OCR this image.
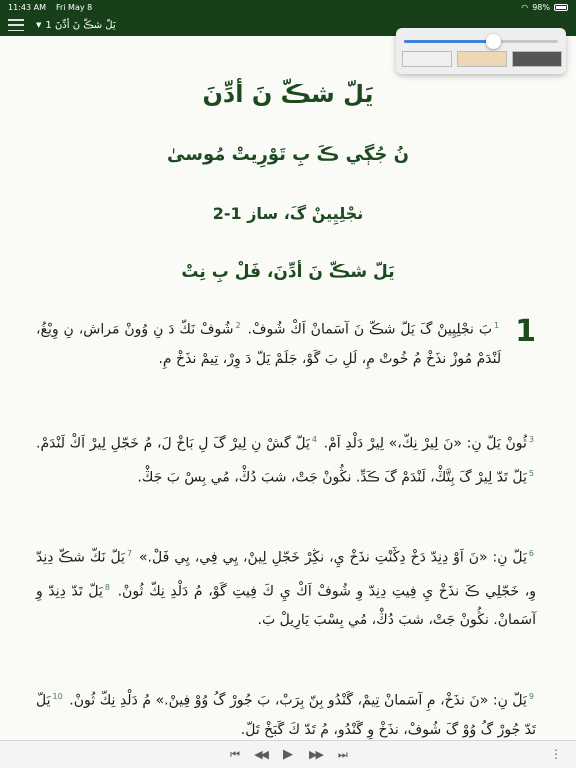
11:43 AM Fri May 8	◠ 98%
▼ 1 يَلّ شڪّ نَ أدِّنَ
يَلّ شڪّ نَ أدِّنَ
نُ جُڳي ڪَ بِ تَوْرِيتْ مُوسىٰ
نجْلِيِينْ گَ، ساز 1-2
يَلّ شڪّ نَ أدِّنَ، فَلْ بِ نِتْ
1
$^1$بَ نجْلِيِينْ گَ يَلّ شڪّ نَ آسَمانْ اَكْ شُوفْ. $^2$شُوفْ نَكّ دَ نِ وُونْ مَراش، نِ وِيْغُ، لَنْدَمْ مُوزْ نذَخْ مُ خُوتْ مِ، لَلِ بَ گَوْ، جَلَمْ يَلّ دَ وِرْ، تِيمْ نذَخْ مِ.
$^3$ثُونْ يَلّ نِ: «نَ لِيرْ نِكّ،» لِيرْ دَلْدِ اَمْ. $^4$يَلّ گشْ نِ لِيرْ گَ لِ بَاخْ لَ، مُ خَجّلِ لِيرْ اَكْ لَنْدَمْ. $^5$يَلّ تَدّ لِيرْ گَ بِتَّڭْ، لَنْدَمْ گَ ڪَدِّ. نڭُونْ جَتْ، شبَ دُڭْ، مُي بِسْ بَ جَڭْ.
$^6$يَلّ نِ: «نَ اَوْ دِنِدّ دَخْ دِڭَنْتِ نذَخْ يِ، نڭِرْ خَجّلِ لِينْ، يِي فِي، يِي فَلْ.» $^7$يَلّ نَكّ شڪّ دِنِدّ وِ، خَجّلِي ڪَ نذَخْ يِ فِيتِ دِنِدّ وِ شُوفْ اَكْ يِ كَ فِيتِ گَوْ، مُ دَلْدِ نِكّ ثُونْ. $^8$يَلّ تَدّ دِنِدّ وِ آسَمانْ. نڭُونْ جَتْ، شبَ دُڭْ، مُي بِسْبَ يَارِيلْ بَ.
$^9$يَلّ نِ: «نَ نذَخْ، مِ آسَمانْ تِيمْ، گَنْدُو بِنّ بِرَبْ، بَ جُورْ گُ وُوْ فِينْ.» مُ دَلْدِ نِكّ ثُونْ. $^{10}$يَلّ تَدّ جُورْ گُ وُوْ گَ شُوفْ، نذَخْ وِ گَنْدُو، مُ تَدّ كَ گَبَخْ تَلّ.
⏮ ◀◀ ▶ ▶▶ ⏭	⋮
